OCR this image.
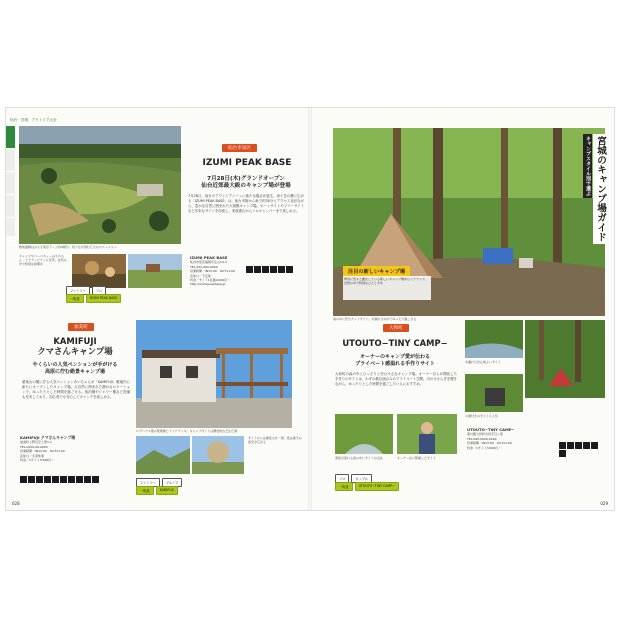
仙台・宮城　アウトドア大全
敷地面積はおよそ東京ドーム約4個分。泉ケ岳を望む広大なロケーション
仙台市泉区
IZUMI PEAK BASE
7月28日(木)グランドオープン
仙台近郊最大級のキャンプ場が登場
7月28日、仙台のアウトドアシーンに新たな拠点が誕生。泉ケ岳の麓に広がる「IZUMI PEAK BASE」は、仙台市街から車で約30分とアクセス良好ながら、豊かな自然に囲まれた大規模キャンプ場。オートサイトやフリーサイトなど多彩なサイトを用意し、家族連れからソロキャンパーまで楽しめる。
キャンプやバーベキューはもちろん、アクティビティも充実。自然の中で特別な時間を
IZUMI PEAK BASE
仙台市泉区福岡字岳山14-3
TEL.022-000-0000
営業時間／IN13:00　OUT11:00
定休日／不定休
料金／サイト1区画4,000円〜
http://izumipeakbase.jp
ファミリー	ソロ
一般道	IZUMI PEAK BASE
加美町
KAMIFUJI
クマさんキャンプ場
やくらいの人気ペンションが手がける
高原に佇む絶景キャンプ場
薬莱山の麓に佇む人気ペンションあいちゃんが「KAMIFUJI」敷地内に新たにオープンしたキャンプ場。大自然に囲まれた静かなロケーションで、ゆったりとした時間を過ごせる。宿泊棟やシャワー棟など設備も充実しており、初心者でも安心してキャンプを楽しめる。
ログハウス風の管理棟とウッドデッキ。キャンプサイトは開放的な芝生広場
KAMIFUJI クマさんキャンプ場
加美町上野目字上原1-1
TEL.0229-00-0000
営業時間／IN13:00　OUT11:00
定休日／冬季休業
料金／1サイト3,500円〜
サイトからは薬莱山を一望。夜は満天の星空が広がる
ファミリー	グループ
一般道	KAMIFUJI
028
キャンプスタイル別で選ぶ 宮城のキャンプ場ガイド
注目の新しいキャンプ場
県内に続々と誕生している新しいキャンプ場をピックアップ。自然の中で特別なひとときを
森の中に佇むテントサイト。木漏れ日の中でゆったり過ごせる
大和町
UTOUTO−TINY CAMP−
オーナーのキャンプ愛が伝わる
プライベート感溢れる手作りサイト
大和町の森の中にひっそりと佇む小さなキャンプ場。オーナー自らが開拓した手作りのサイトは、わずか数区画のみのプライベート空間。川のせせらぎを聞きながら、ゆったりとした時間を過ごしたい人におすすめ。
清流が流れる森の中にサイトが点在	オーナー自ら整備したサイト
ソロ	カップル
一般道	UTOUTO−TINY CAMP−
木漏れ日が心地よいサイト
小屋付きのサイトも人気
UTOUTO−TINY CAMP−
黒川郡大和町吉田字旦ノ原
TEL.090-0000-0000
営業時間／IN13:00　OUT11:00
料金／1サイト3,000円〜
029
